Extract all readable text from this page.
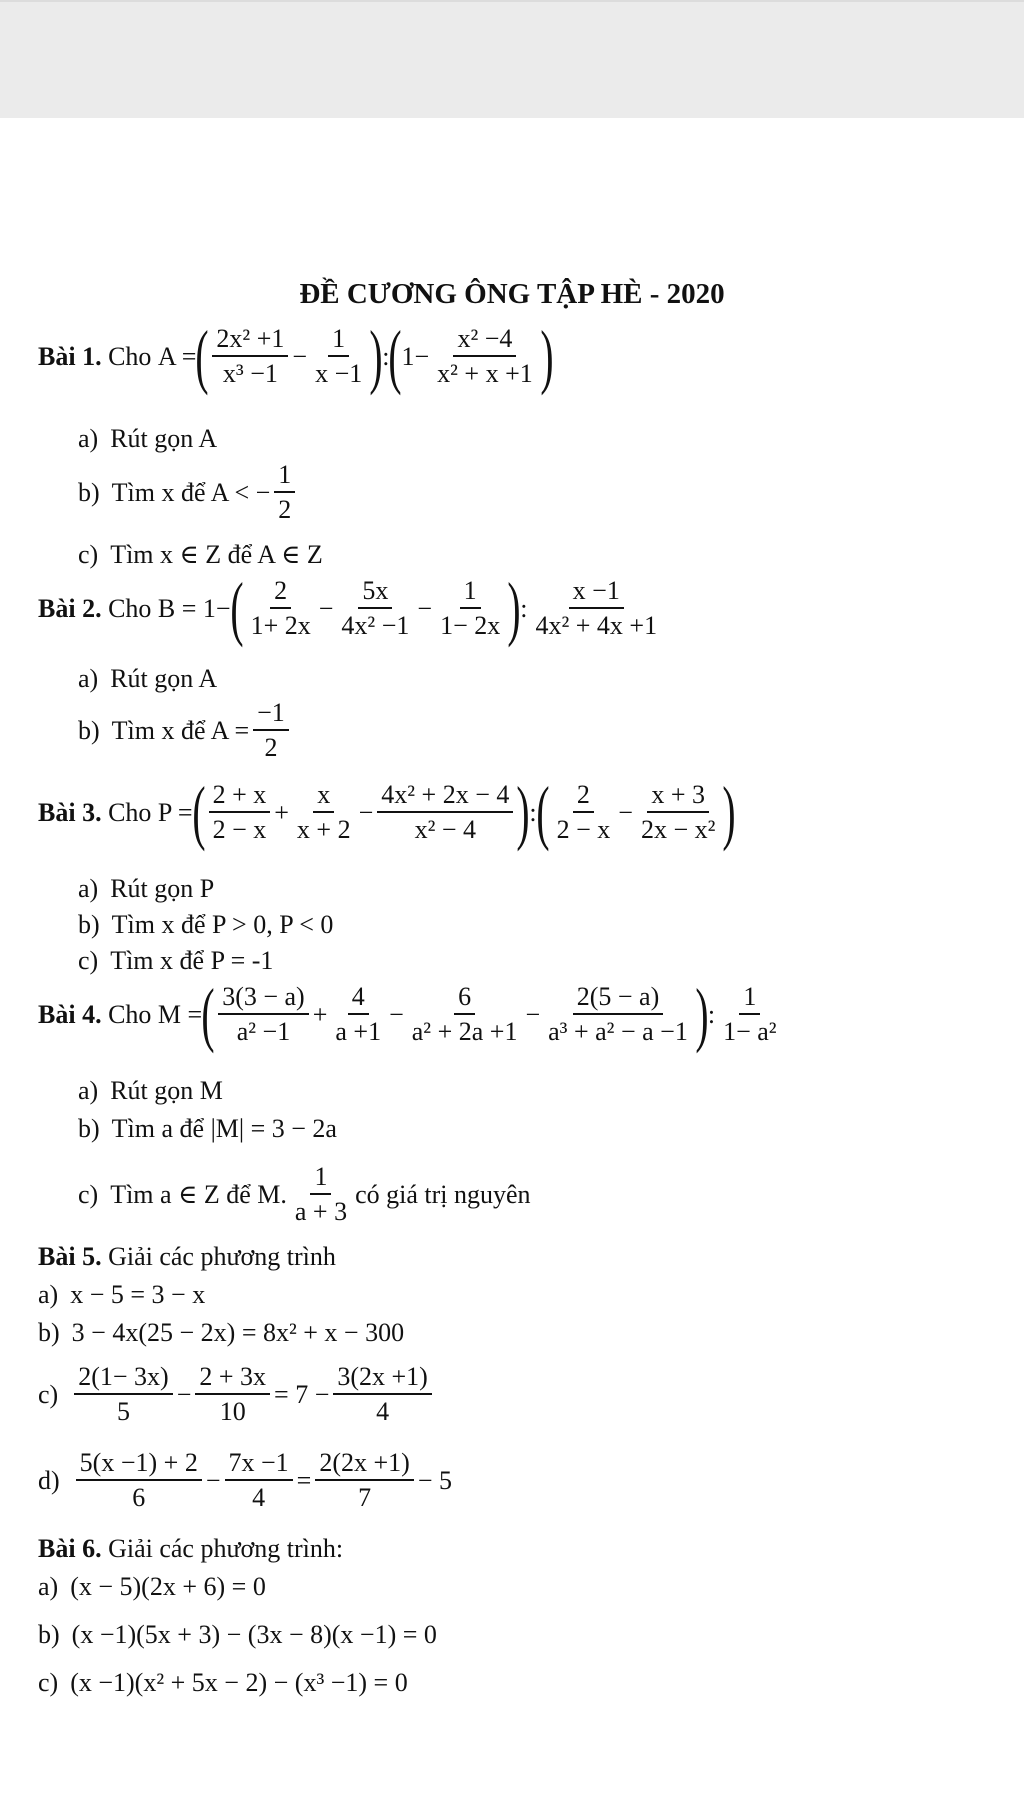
ĐỀ CƯƠNG ÔNG TẬP HÈ - 2020
Bài 1.
Cho
A = ( $\frac{\text{2x² +1}}{\text{x³ −1}} - \frac{1}{x -1}$ ) : ( $1- \frac{\text{x² −4}}{\text{x² + x +1}}$ )
a) Rút gọn A
b) Tìm x để A < − $\frac{1}{2}$
c) Tìm x ∈ Z để A ∈ Z
Bài 2.
Cho
B = 1− ( $\frac{2}{1+ 2x} - \frac{5x}{\text{4x² −1}} - \frac{1}{1- 2x}$ ) : $\frac{x -1}{\text{4x² + 4x +1}}$
a) Rút gọn A
b) Tìm x để $A = \frac{-1}{2}$
Bài 3.
Cho
P = ( $\frac{2 + x}{2 - x} + \frac{x}{x + 2} - \frac{\text{4x² + 2x − 4}}{\text{x² − 4}}$ ) : ( $\frac{2}{2 - x} - \frac{x + 3}{\text{2x − x²}}$ )
a) Rút gọn P
b) Tìm x để P > 0, P < 0
c) Tìm x để P = -1
Bài 4.
Cho
M = ( $\frac{3(3 - a)}{\text{a² −1}} + \frac{4}{a +1} - \frac{6}{\text{a² + 2a +1}} - \frac{2(5 - a)}{\text{a³ + a² − a −1}}$ ) : $\frac{1}{\text{1− a²}}$
a) Rút gọn M
b) Tìm a để |M| = 3 − 2a
c) Tìm a ∈ Z để M. $\frac{1}{a + 3}$ có giá trị nguyên
Bài 5.
Giải các phương trình
a) x − 5 = 3 − x
b) 3 − 4x(25 − 2x) = 8x² + x − 300
$c) \frac{2(1- 3x)}{5} - \frac{2 + 3x}{10} = 7 - \frac{3(2x +1)}{4}$
$d) \frac{5(x -1) + 2}{6} - \frac{7x -1}{4} = \frac{2(2x +1)}{7} - 5$
Bài 6.
Giải các phương trình:
a) (x − 5)(2x + 6) = 0
b) (x −1)(5x + 3) − (3x − 8)(x −1) = 0
c) (x −1)(x² + 5x − 2) − (x³ −1) = 0
